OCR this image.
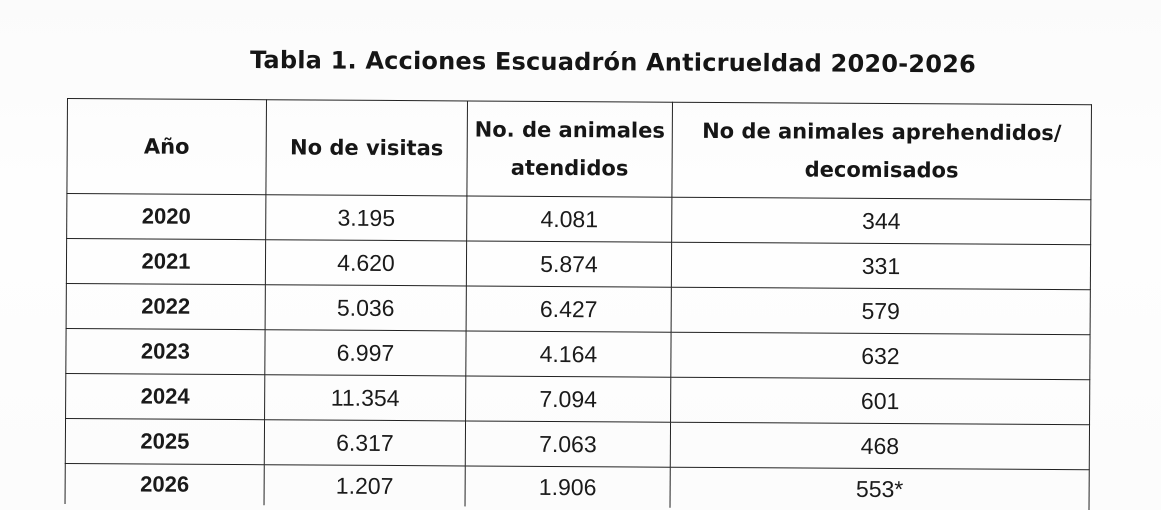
Tabla 1. Acciones Escuadrón Anticrueldad 2020-2026
Año	No de visitas	No. de animales atendidos	No de animales aprehendidos/ decomisados
2020	3.195	4.081	344
2021	4.620	5.874	331
2022	5.036	6.427	579
2023	6.997	4.164	632
2024	11.354	7.094	601
2025	6.317	7.063	468
2026	1.207	1.906	553*
